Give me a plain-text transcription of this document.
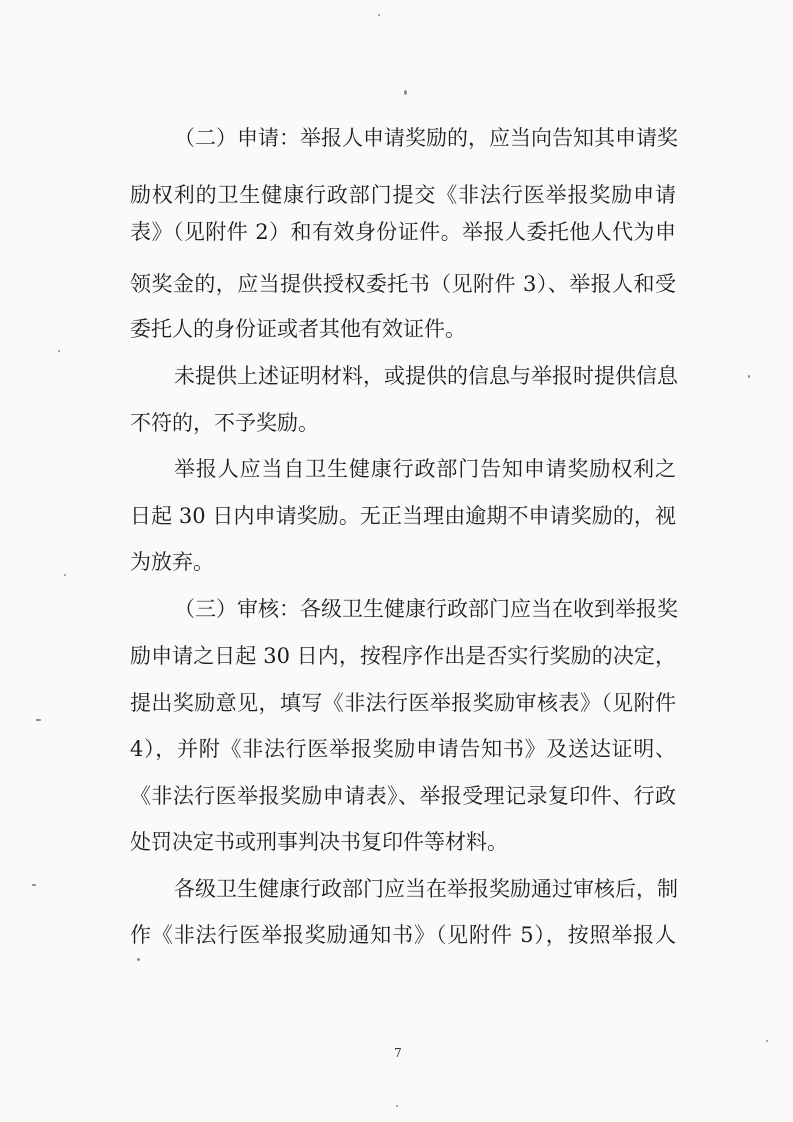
（二）申请：举报人申请奖励的，应当向告知其申请奖
励权利的卫生健康行政部门提交《非法行医举报奖励申请
表》（见附件 2）和有效身份证件。举报人委托他人代为申
领奖金的，应当提供授权委托书（见附件 3）、举报人和受
委托人的身份证或者其他有效证件。
未提供上述证明材料，或提供的信息与举报时提供信息
不符的，不予奖励。
举报人应当自卫生健康行政部门告知申请奖励权利之
日起 30 日内申请奖励。无正当理由逾期不申请奖励的，视
为放弃。
（三）审核：各级卫生健康行政部门应当在收到举报奖
励申请之日起 30 日内，按程序作出是否实行奖励的决定，
提出奖励意见，填写《非法行医举报奖励审核表》（见附件
4），并附《非法行医举报奖励申请告知书》及送达证明、
《非法行医举报奖励申请表》、举报受理记录复印件、行政
处罚决定书或刑事判决书复印件等材料。
各级卫生健康行政部门应当在举报奖励通过审核后，制
作《非法行医举报奖励通知书》（见附件 5），按照举报人
7
